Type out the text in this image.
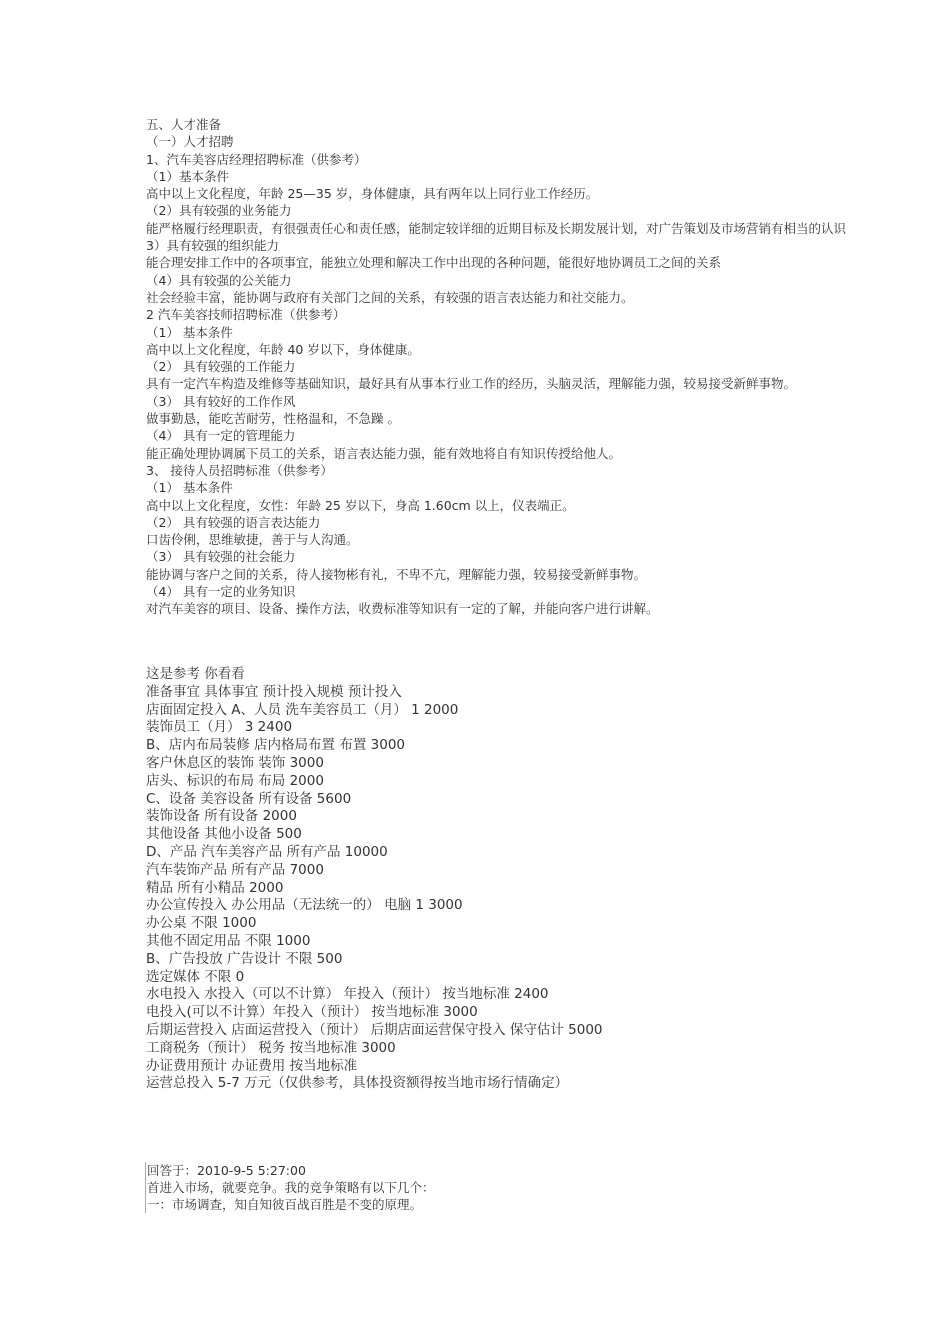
五、人才准备
（一）人才招聘
1、汽车美容店经理招聘标准（供参考）
（1）基本条件
高中以上文化程度，年龄 25—35 岁，身体健康，具有两年以上同行业工作经历。
（2）具有较强的业务能力
能严格履行经理职责，有很强责任心和责任感，能制定较详细的近期目标及长期发展计划，对广告策划及市场营销有相当的认识
3）具有较强的组织能力
能合理安排工作中的各项事宜，能独立处理和解决工作中出现的各种问题，能很好地协调员工之间的关系
（4）具有较强的公关能力
社会经验丰富，能协调与政府有关部门之间的关系，有较强的语言表达能力和社交能力。
2 汽车美容技师招聘标准（供参考）
（1） 基本条件
高中以上文化程度，年龄 40 岁以下，身体健康。
（2） 具有较强的工作能力
具有一定汽车构造及维修等基础知识，最好具有从事本行业工作的经历，头脑灵活，理解能力强，较易接受新鲜事物。
（3） 具有较好的工作作风
做事勤恳，能吃苦耐劳，性格温和，不急躁 。
（4） 具有一定的管理能力
能正确处理协调属下员工的关系，语言表达能力强，能有效地将自有知识传授给他人。
3、 接待人员招聘标准（供参考）
（1） 基本条件
高中以上文化程度，女性：年龄 25 岁以下，身高 1.60cm 以上，仪表端正。
（2） 具有较强的语言表达能力
口齿伶俐，思维敏捷，善于与人沟通。
（3） 具有较强的社会能力
能协调与客户之间的关系，待人接物彬有礼，不卑不亢，理解能力强，较易接受新鲜事物。
（4） 具有一定的业务知识
对汽车美容的项目、设备、操作方法，收费标准等知识有一定的了解，并能向客户进行讲解。
这是参考 你看看
准备事宜 具体事宜 预计投入规模 预计投入
店面固定投入 A、人员 洗车美容员工（月） 1 2000
装饰员工（月） 3 2400
B、店内布局装修 店内格局布置 布置 3000
客户休息区的装饰 装饰 3000
店头、标识的布局 布局 2000
C、设备 美容设备 所有设备 5600
装饰设备 所有设备 2000
其他设备 其他小设备 500
D、产品 汽车美容产品 所有产品 10000
汽车装饰产品 所有产品 7000
精品 所有小精品 2000
办公宣传投入 办公用品（无法统一的） 电脑 1 3000
办公桌 不限 1000
其他不固定用品 不限 1000
B、广告投放 广告设计 不限 500
选定媒体 不限 0
水电投入 水投入（可以不计算） 年投入（预计） 按当地标准 2400
电投入(可以不计算）年投入（预计） 按当地标准 3000
后期运营投入 店面运营投入（预计） 后期店面运营保守投入 保守估计 5000
工商税务（预计） 税务 按当地标准 3000
办证费用预计 办证费用 按当地标准
运营总投入 5-7 万元（仅供参考，具体投资额得按当地市场行情确定）
回答于：2010-9-5 5:27:00
首进入市场，就要竞争。我的竞争策略有以下几个：
一：市场调查，知自知彼百战百胜是不变的原理。
